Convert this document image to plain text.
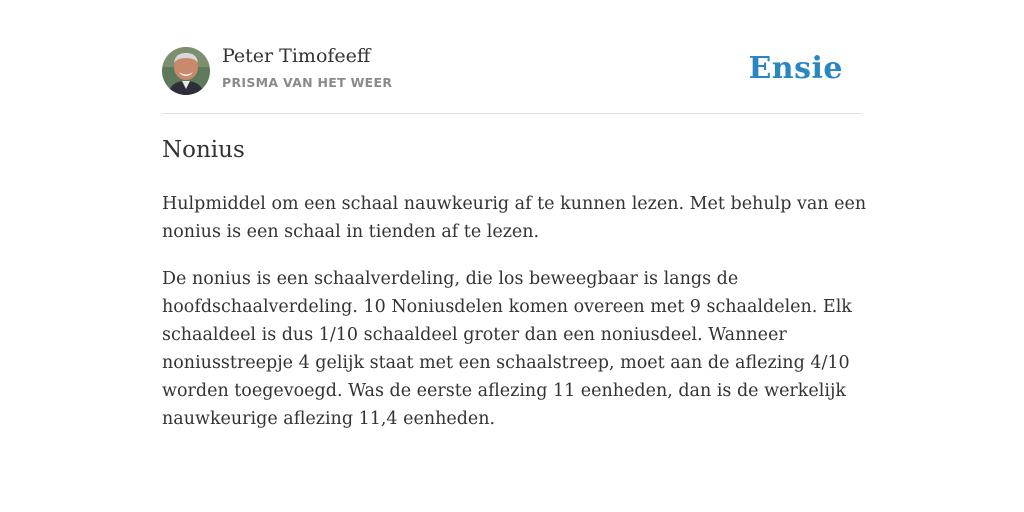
Peter Timofeeff
PRISMA VAN HET WEER	Ensie
Nonius

Hulpmiddel om een schaal nauwkeurig af te kunnen lezen. Met behulp van een
nonius is een schaal in tienden af te lezen.

De nonius is een schaalverdeling, die los beweegbaar is langs de
hoofdschaalverdeling. 10 Noniusdelen komen overeen met 9 schaaldelen. Elk
schaaldeel is dus 1/10 schaaldeel groter dan een noniusdeel. Wanneer
noniusstreepje 4 gelijk staat met een schaalstreep, moet aan de aflezing 4/10
worden toegevoegd. Was de eerste aflezing 11 eenheden, dan is de werkelijk
nauwkeurige aflezing 11,4 eenheden.
